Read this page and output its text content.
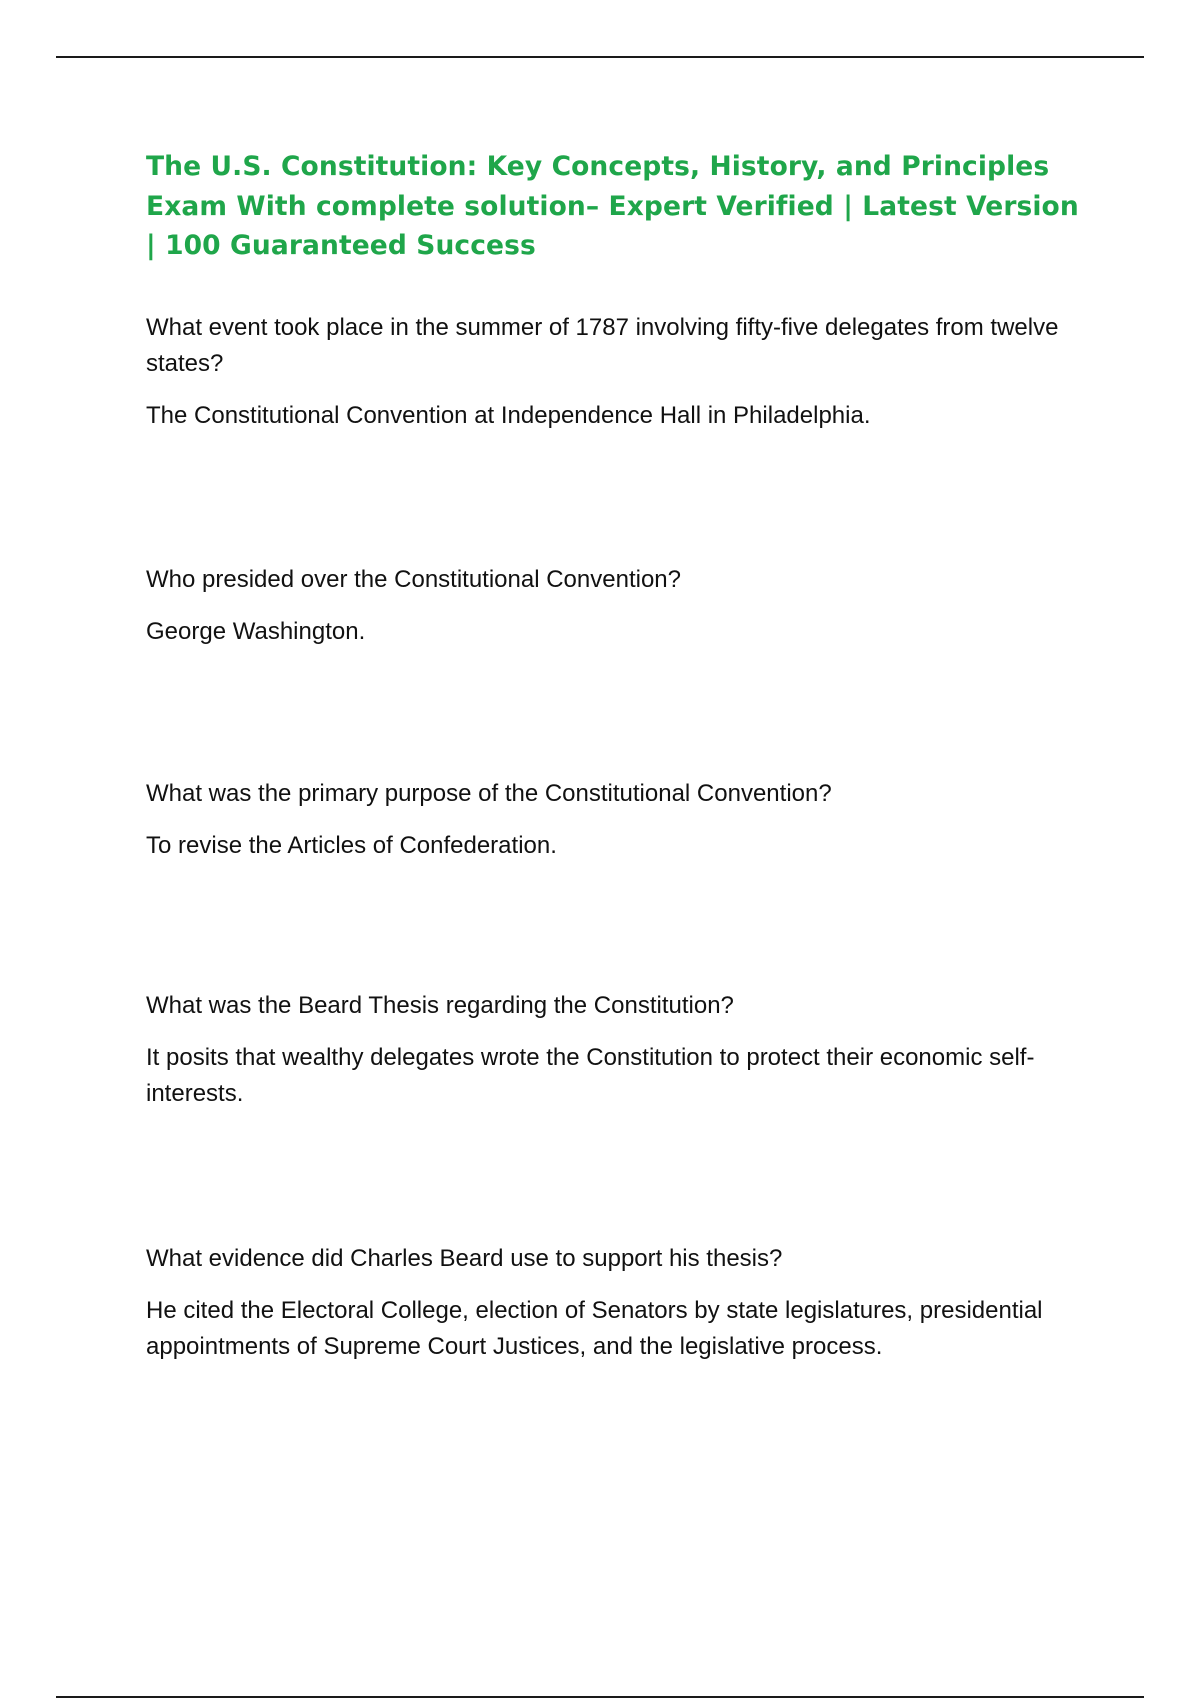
The U.S. Constitution: Key Concepts, History, and Principles Exam With complete solution– Expert Verified | Latest Version | 100 Guaranteed Success

What event took place in the summer of 1787 involving fifty-five delegates from twelve states?

The Constitutional Convention at Independence Hall in Philadelphia.

Who presided over the Constitutional Convention?

George Washington.

What was the primary purpose of the Constitutional Convention?

To revise the Articles of Confederation.

What was the Beard Thesis regarding the Constitution?

It posits that wealthy delegates wrote the Constitution to protect their economic self-interests.

What evidence did Charles Beard use to support his thesis?

He cited the Electoral College, election of Senators by state legislatures, presidential appointments of Supreme Court Justices, and the legislative process.
